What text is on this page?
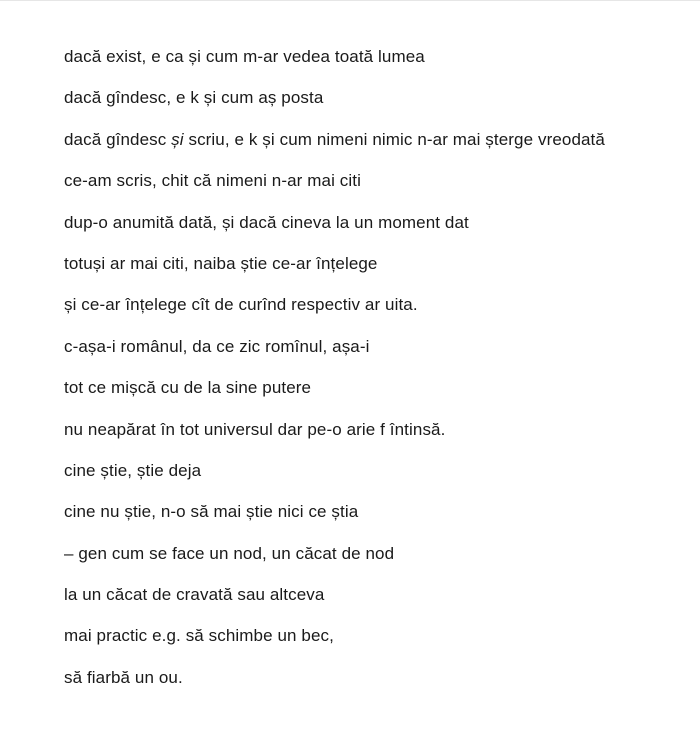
dacă exist, e ca și cum m-ar vedea toată lumea
dacă gîndesc, e k și cum aș posta
dacă gîndesc și scriu, e k și cum nimeni nimic n-ar mai șterge vreodată
ce-am scris, chit că nimeni n-ar mai citi
dup-o anumită dată, și dacă cineva la un moment dat
totuși ar mai citi, naiba știe ce-ar înțelege
și ce-ar înțelege cît de curînd respectiv ar uita.
c-așa-i românul, da ce zic romînul, așa-i
tot ce mișcă cu de la sine putere
nu neapărat în tot universul dar pe-o arie f întinsă.
cine știe, știe deja
cine nu știe, n-o să mai știe nici ce știa
– gen cum se face un nod, un căcat de nod
la un căcat de cravată sau altceva
mai practic e.g. să schimbe un bec,
să fiarbă un ou.
